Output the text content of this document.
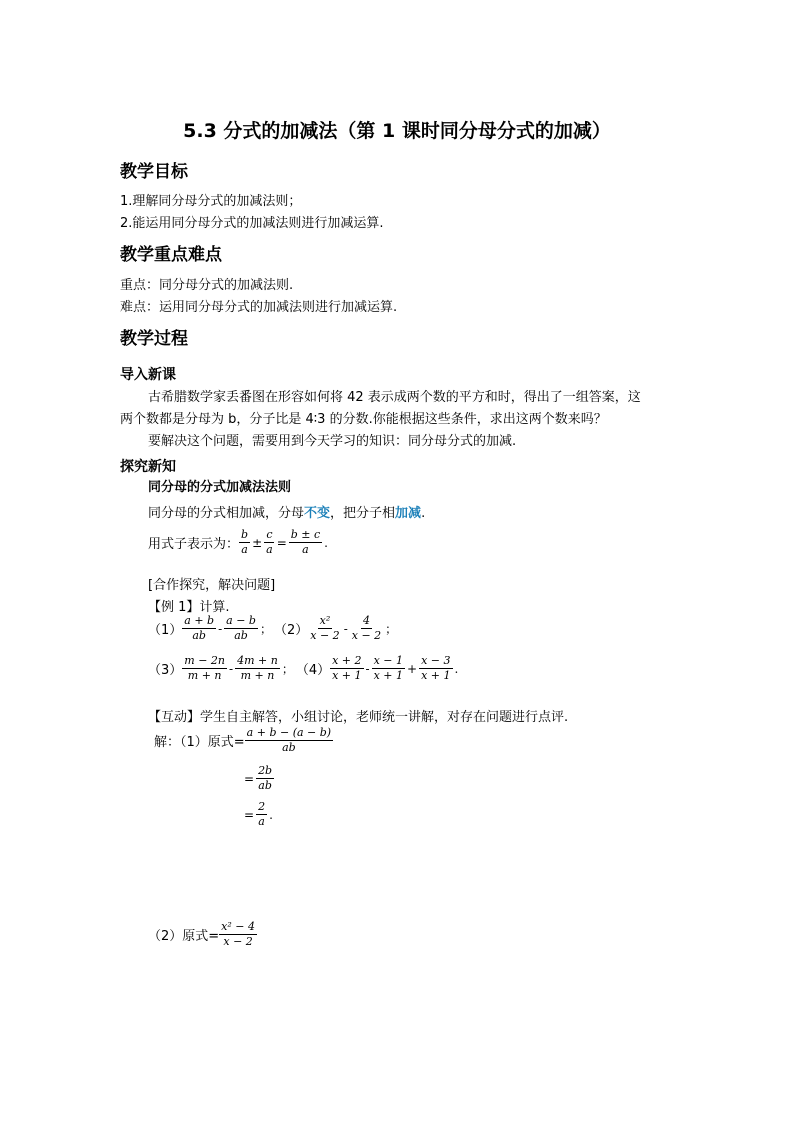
5.3 分式的加减法（第 1 课时同分母分式的加减）
教学目标
1.理解同分母分式的加减法则；
2.能运用同分母分式的加减法则进行加减运算.
教学重点难点
重点：同分母分式的加减法则.
难点：运用同分母分式的加减法则进行加减运算.
教学过程
导入新课
古希腊数学家丢番图在形容如何将 42 表示成两个数的平方和时，得出了一组答案，这
两个数都是分母为 b，分子比是 4∶3 的分数.你能根据这些条件，求出这两个数来吗？
要解决这个问题，需要用到今天学习的知识：同分母分式的加减.
探究新知
同分母的分式加减法法则
同分母的分式相加减，分母不变，把分子相加减.
用式子表示为： $\frac{b}{a} \pm \frac{c}{a} = \frac{b \pm c}{a}$ .
[合作探究，解决问题]
【例 1】计算.
$(1) \frac{a + b}{ab} - \frac{a - b}{ab}$ ； $(2) \frac{\text{x²}}{x - 2} - \frac{4}{x - 2}$ ；
$(3) \frac{m - 2n}{m + n} - \frac{4m + n}{m + n}$ ； $(4) \frac{x + 2}{x + 1} - \frac{x - 1}{x + 1} + \frac{x - 3}{x + 1}$ .
【互动】学生自主解答，小组讨论，老师统一讲解，对存在问题进行点评.
解：（1）原式= $\frac{a + b - (a - b)}{ab}$
= $\frac{2b}{ab}$
= $\frac{2}{a}$ .
（2）原式= $\frac{\text{x² − 4}}{x - 2}$
